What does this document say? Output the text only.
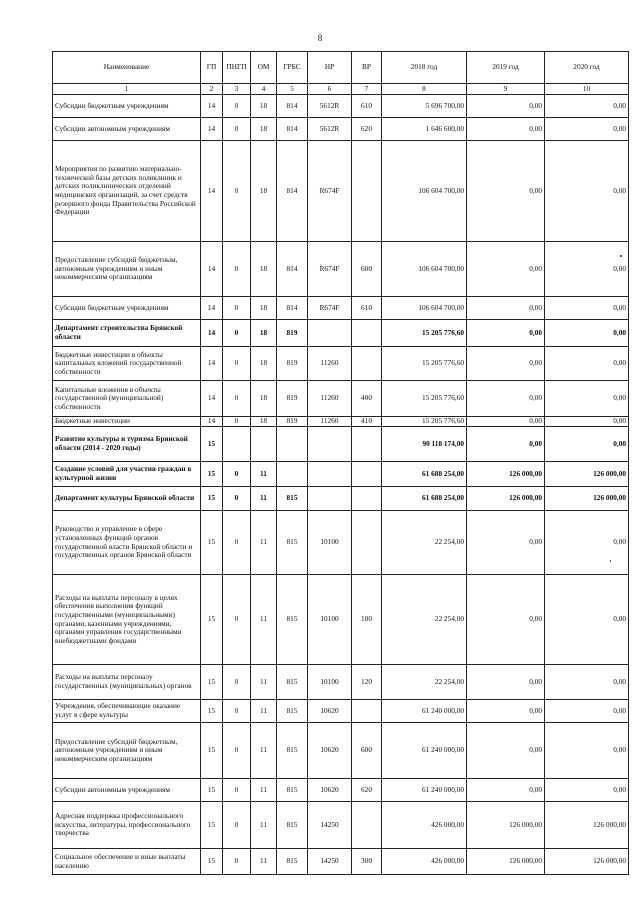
8
Наименование	ГП	ПНГП	ОМ	ГРБС	НР	ВР	2018 год	2019 год	2020 год
1	2	3	4	5	6	7	8	9	10
Субсидии бюджетным учреждениям	14	0	18	814	5612R	610	5 696 700,00	0,00	0,00
Субсидии автономным учреждениям	14	0	18	814	5612R	620	1 646 600,00	0,00	0,00
Мероприятия по развитию материально-технической базы детских поликлиник и детских поликлинических отделений медицинских организаций, за счет средств резервного фонда Правительства Российской Федерации	14	0	18	814	R674F		106 604 700,00	0,00	0,00
Предоставление субсидий бюджетным, автономным учреждениям и иным некоммерческим организациям	14	0	18	814	R674F	600	106 604 700,00	0,00	0,00
Субсидии бюджетным учреждениям	14	0	18	814	R674F	610	106 604 700,00	0,00	0,00
Департамент строительства Брянской области	14	0	18	819			15 205 776,60	0,00	0,00
Бюджетные инвестиции в объекты капитальных вложений государственной собственности	14	0	18	819	11260		15 205 776,60	0,00	0,00
Капитальные вложения в объекты государственной (муниципальной) собственности	14	0	18	819	11260	400	15 205 776,60	0,00	0,00
Бюджетные инвестиции	14	0	18	819	11260	410	15 205 776,60	0,00	0,00
Развитие культуры и туризма Брянской области (2014 - 2020 годы)	15						90 118 174,00	0,00	0,00
Создание условий для участия граждан в культурной жизни	15	0	11				61 688 254,00	126 000,00	126 000,00
Департамент культуры Брянской области	15	0	11	815			61 688 254,00	126 000,00	126 000,00
Руководство и управление в сфере установленных функций органов государственной власти Брянской области и государственных органов Брянской области	15	0	11	815	10100		22 254,00	0,00	0,00
Расходы на выплаты персоналу в целях обеспечения выполнения функций государственными (муниципальными) органами, казенными учреждениями, органами управления государственными внебюджетными фондами	15	0	11	815	10100	100	22 254,00	0,00	0,00
Расходы на выплаты персоналу государственных (муниципальных) органов	15	0	11	815	10100	120	22 254,00	0,00	0,00
Учреждения, обеспечивающие оказание услуг в сфере культуры	15	0	11	815	10620		61 240 000,00	0,00	0,00
Предоставление субсидий бюджетным, автономным учреждениям и иным некоммерческим организациям	15	0	11	815	10620	600	61 240 000,00	0,00	0,00
Субсидии автономным учреждениям	15	0	11	815	10620	620	61 240 000,00	0,00	0,00
Адресная поддержка профессионального искусства, литературы, профессионального творчества	15	0	11	815	14250		426 000,00	126 000,00	126 000,00
Социальное обеспечение и иные выплаты населению	15	0	11	815	14250	300	426 000,00	126 000,00	126 000,00
